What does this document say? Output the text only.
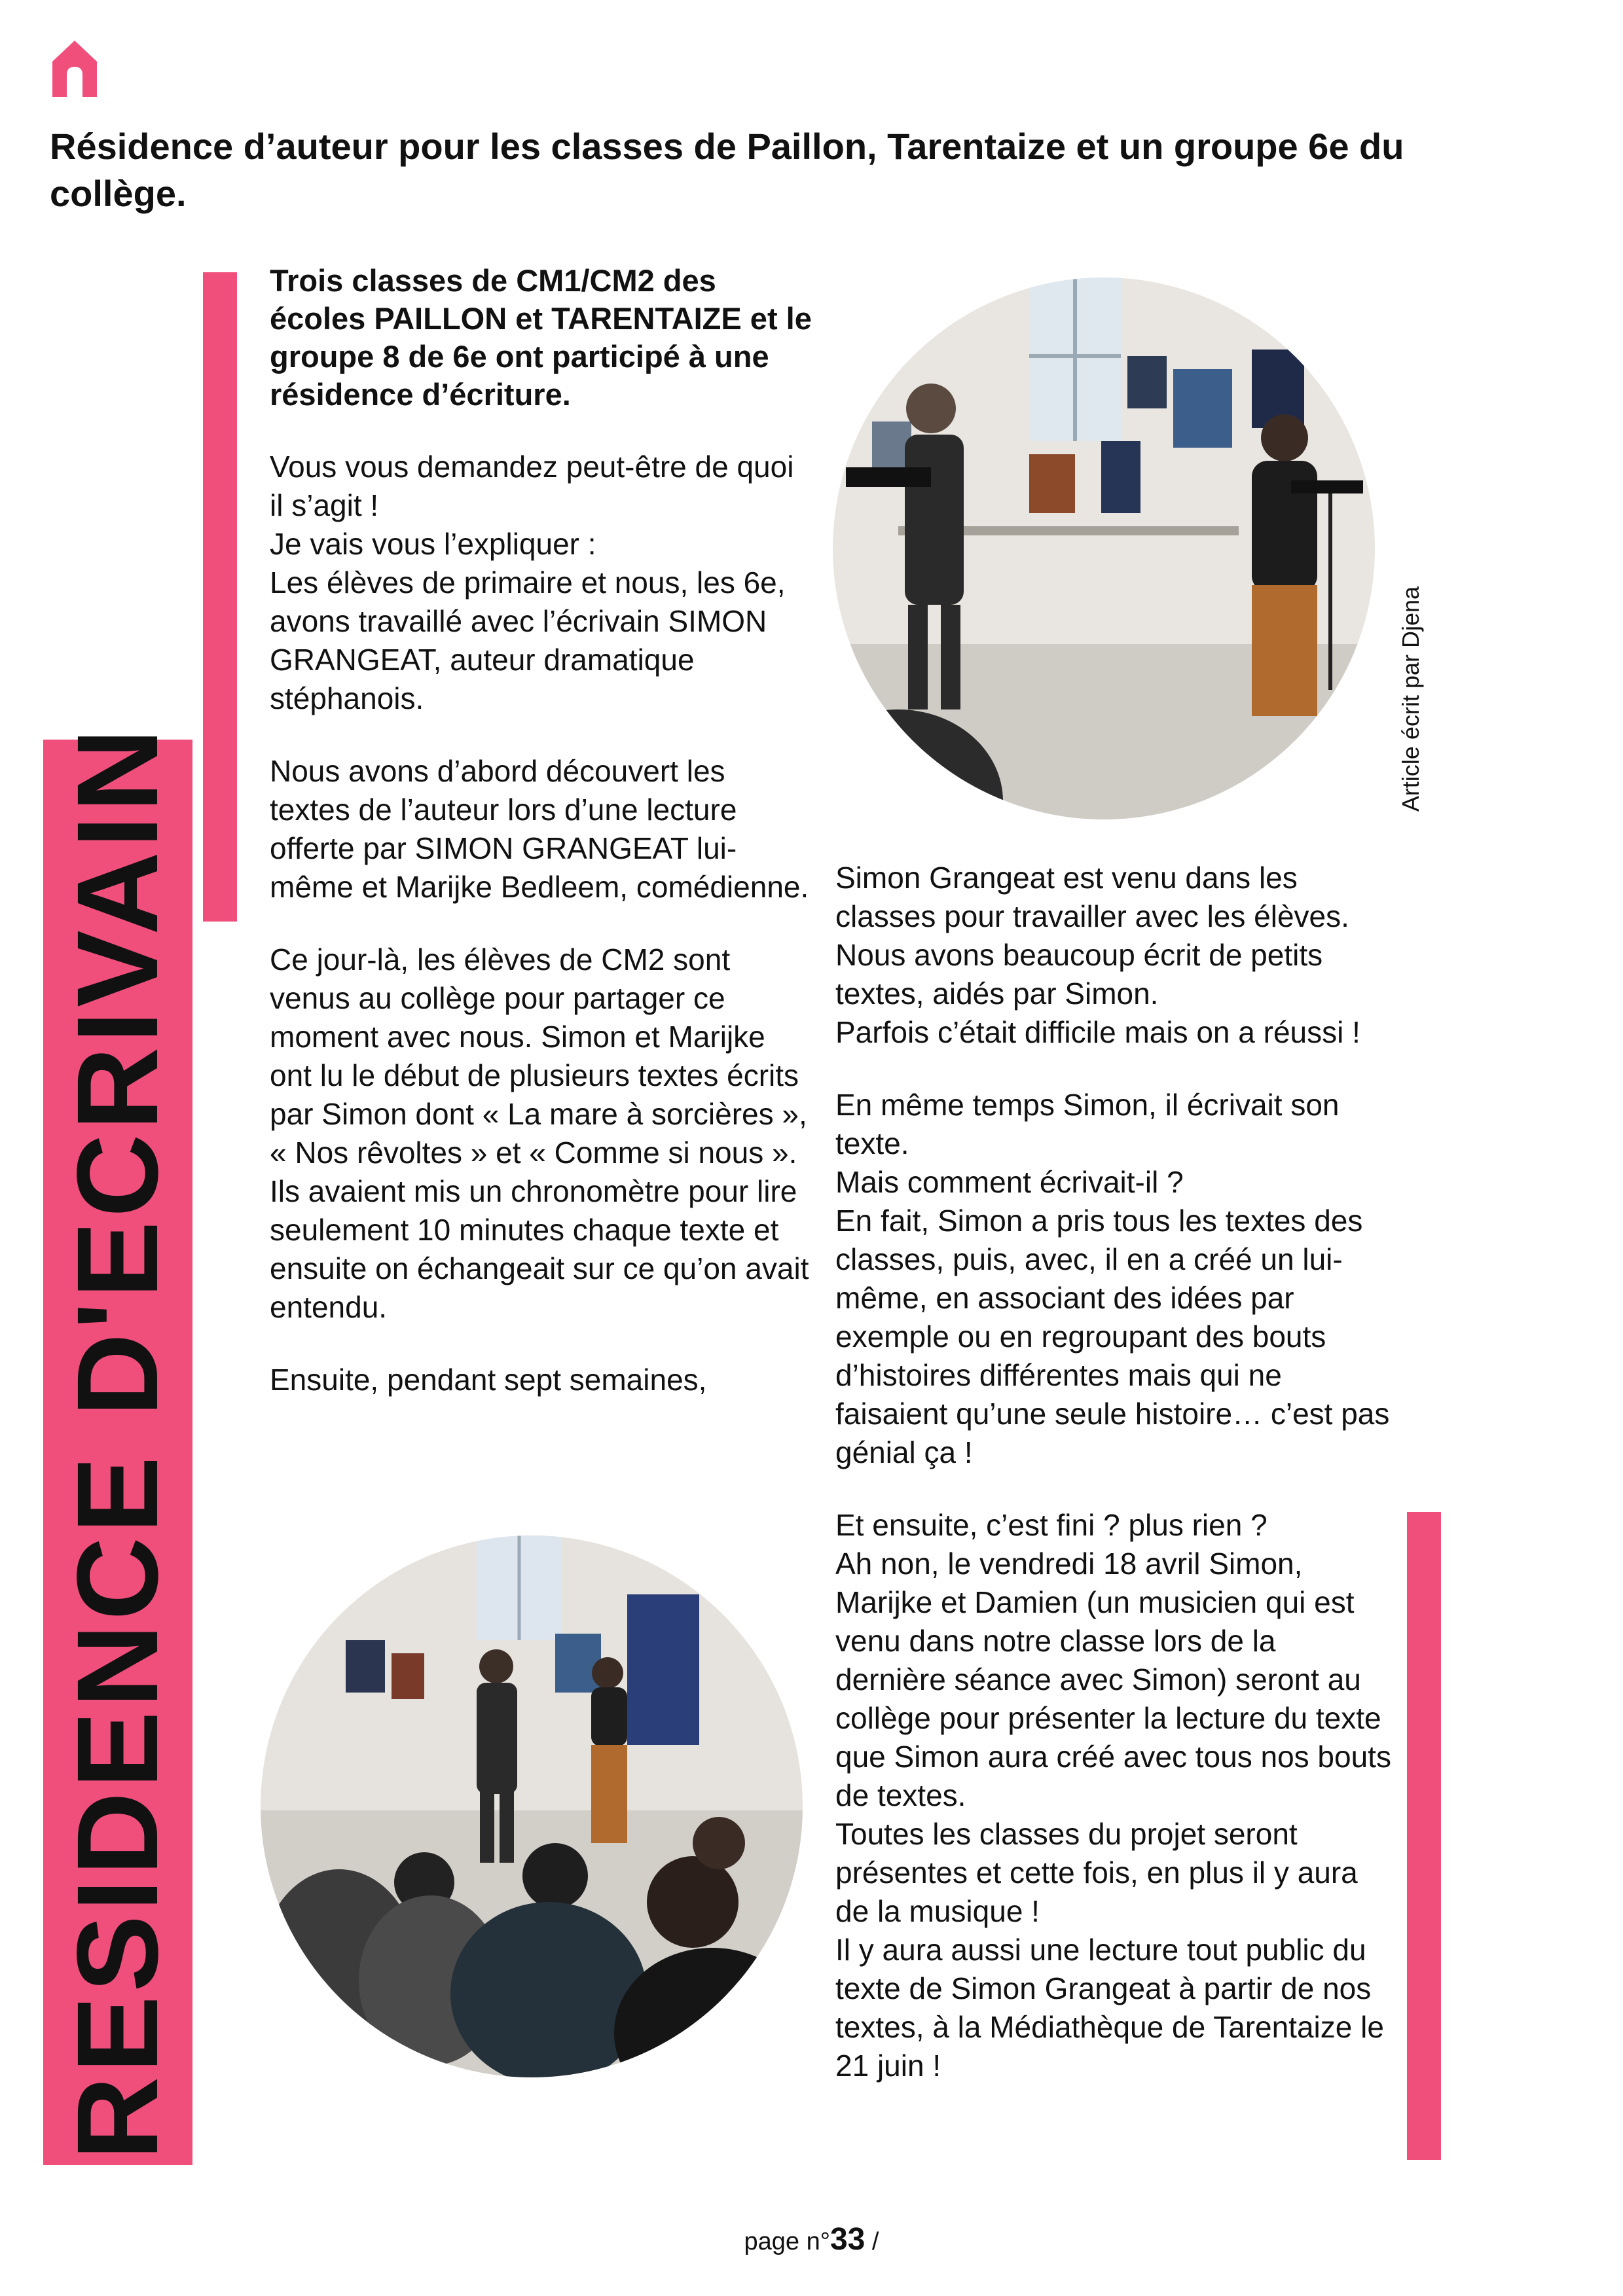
Résidence d’auteur pour les classes de Paillon, Tarentaize et un groupe 6e du collège.
RESIDENCE D'ECRIVAIN

Trois classes de CM1/CM2 des écoles PAILLON et TARENTAIZE et le groupe 8 de 6e ont participé à une résidence d’écriture.

Vous vous demandez peut-être de quoi il s’agit !
Je vais vous l’expliquer :
Les élèves de primaire et nous, les 6e, avons travaillé avec l’écrivain SIMON GRANGEAT, auteur dramatique stéphanois.

Nous avons d’abord découvert les textes de l’auteur lors d’une lecture offerte par SIMON GRANGEAT lui-même et Marijke Bedleem, comédienne.

Ce jour-là, les élèves de CM2 sont venus au collège pour partager ce moment avec nous. Simon et Marijke ont lu le début de plusieurs textes écrits par Simon dont « La mare à sorcières », « Nos rêvoltes » et « Comme si nous ».
Ils avaient mis un chronomètre pour lire seulement 10 minutes chaque texte et ensuite on échangeait sur ce qu’on avait entendu.

Ensuite, pendant sept semaines,

Article écrit par Djena

Simon Grangeat est venu dans les classes pour travailler avec les élèves.
Nous avons beaucoup écrit de petits textes, aidés par Simon.
Parfois c’était difficile mais on a réussi !

En même temps Simon, il écrivait son texte.
Mais comment écrivait-il ?
En fait, Simon a pris tous les textes des classes, puis, avec, il en a créé un lui-même, en associant des idées par exemple ou en regroupant des bouts d’histoires différentes mais qui ne faisaient qu’une seule histoire… c’est pas génial ça !

Et ensuite, c’est fini ? plus rien ?
Ah non, le vendredi 18 avril Simon, Marijke et Damien (un musicien qui est venu dans notre classe lors de la dernière séance avec Simon) seront au collège pour présenter la lecture du texte que Simon aura créé avec tous nos bouts de textes.
Toutes les classes du projet seront présentes et cette fois, en plus il y aura de la musique !
Il y aura aussi une lecture tout public du texte de Simon Grangeat à partir de nos textes, à la Médiathèque de Tarentaize le 21 juin !

page n°33 /
